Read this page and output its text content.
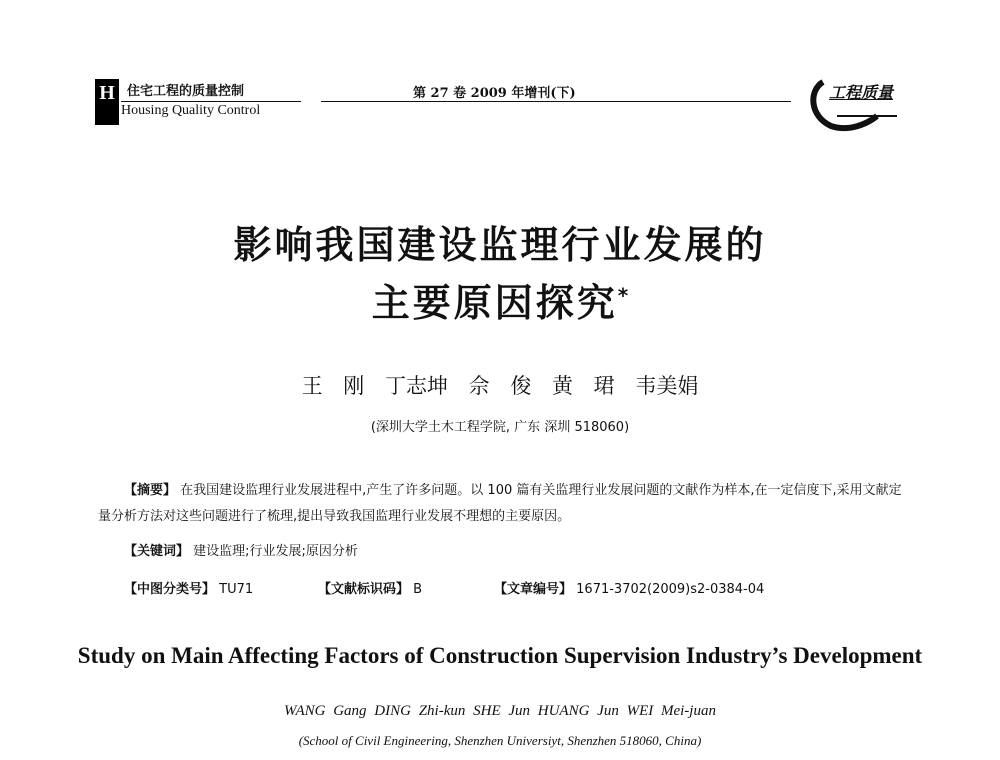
H 住宅工程的质量控制
Housing Quality Control
第 27 卷 2009 年增刊(下)	工程质量
影响我国建设监理行业发展的
主要原因探究*
王 刚 丁志坤 佘 俊 黄 珺 韦美娟
(深圳大学土木工程学院, 广东 深圳 518060)

【摘要】 在我国建设监理行业发展进程中,产生了许多问题。以 100 篇有关监理行业发展问题的文献作为样本,在一定信度下,采用文献定量分析方法对这些问题进行了梳理,提出导致我国监理行业发展不理想的主要原因。

【关键词】 建设监理;行业发展;原因分析
【中图分类号】 TU71	【文献标识码】 B	【文章编号】 1671-3702(2009)s2-0384-04
Study on Main Affecting Factors of Construction Supervision Industry’s Development
WANG Gang DING Zhi-kun SHE Jun HUANG Jun WEI Mei-juan
(School of Civil Engineering, Shenzhen Universiyt, Shenzhen 518060, China)
